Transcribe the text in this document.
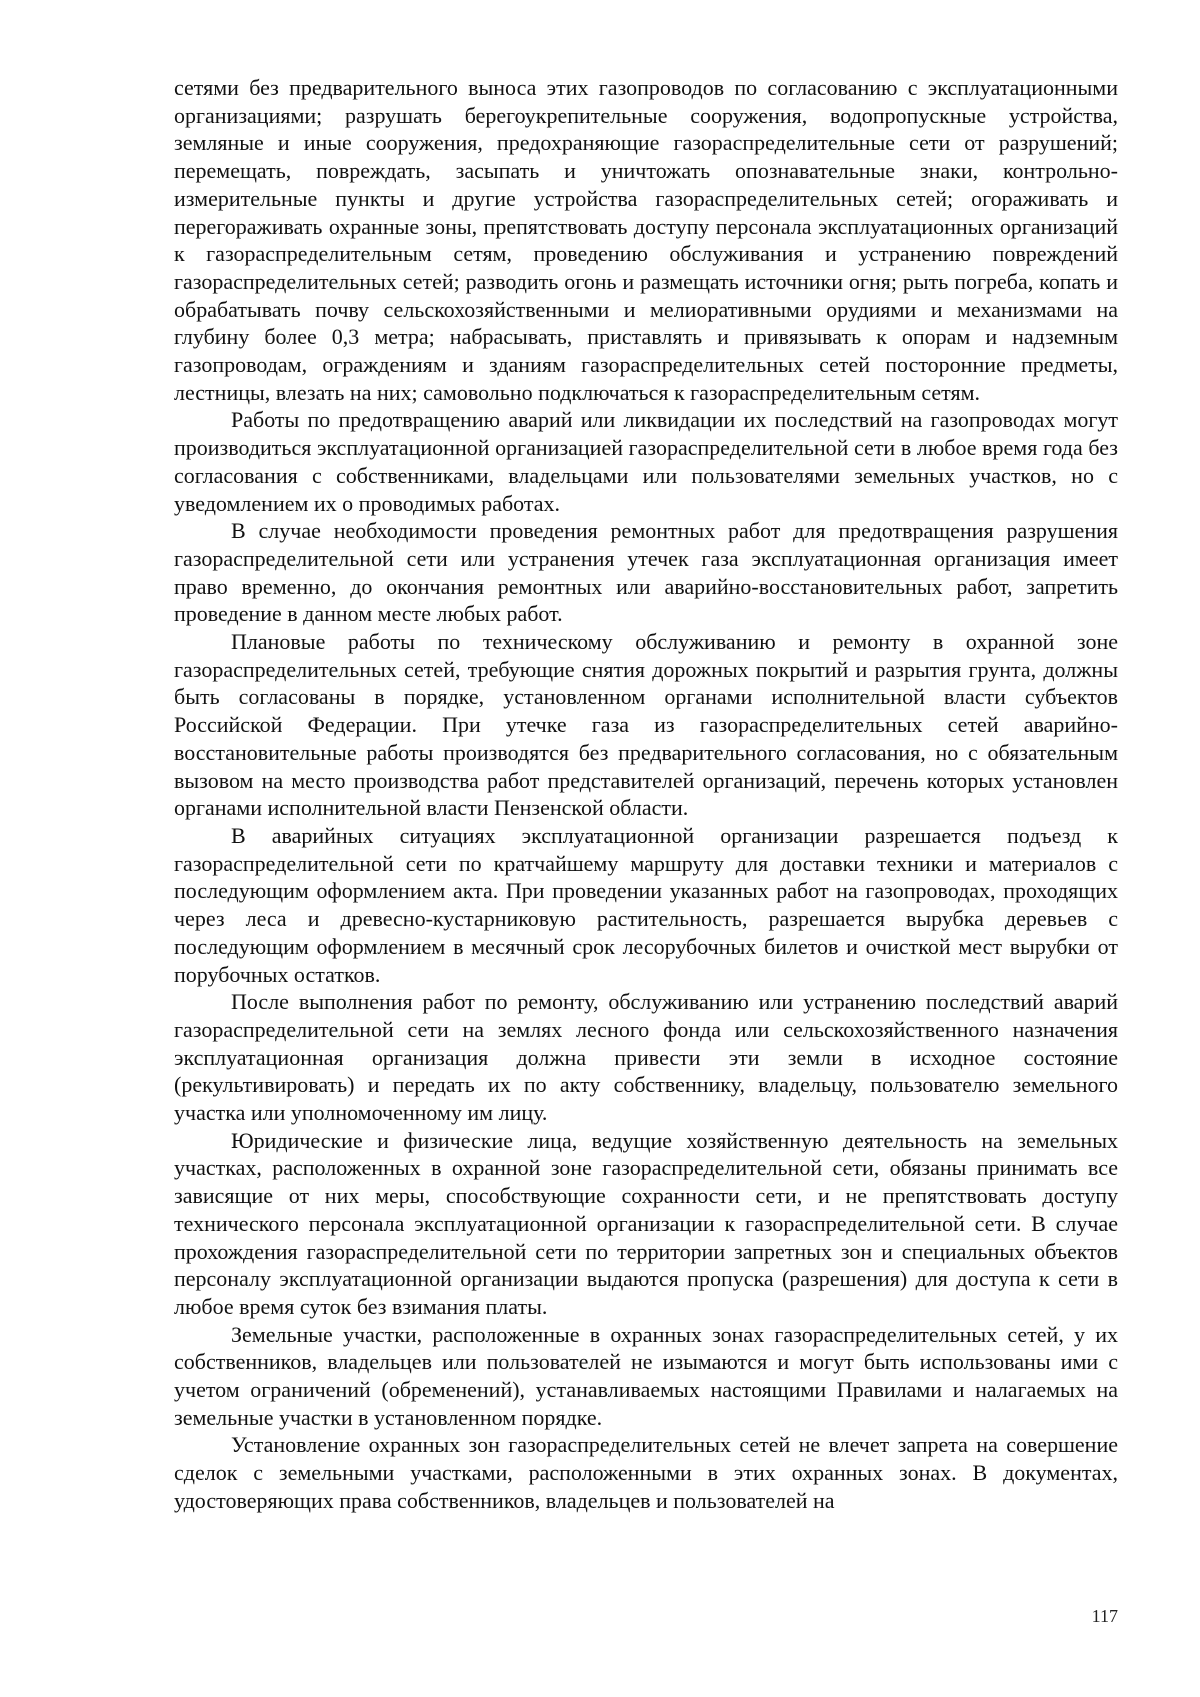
сетями без предварительного выноса этих газопроводов по согласованию с эксплуатационными организациями; разрушать берегоукрепительные сооружения, водопропускные устройства, земляные и иные сооружения, предохраняющие газораспределительные сети от разрушений; перемещать, повреждать, засыпать и уничтожать опознавательные знаки, контрольно-измерительные пункты и другие устройства газораспределительных сетей; огораживать и перегораживать охранные зоны, препятствовать доступу персонала эксплуатационных организаций к газораспределительным сетям, проведению обслуживания и устранению повреждений газораспределительных сетей; разводить огонь и размещать источники огня; рыть погреба, копать и обрабатывать почву сельскохозяйственными и мелиоративными орудиями и механизмами на глубину более 0,3 метра; набрасывать, приставлять и привязывать к опорам и надземным газопроводам, ограждениям и зданиям газораспределительных сетей посторонние предметы, лестницы, влезать на них; самовольно подключаться к газораспределительным сетям.

Работы по предотвращению аварий или ликвидации их последствий на газопроводах могут производиться эксплуатационной организацией газораспределительной сети в любое время года без согласования с собственниками, владельцами или пользователями земельных участков, но с уведомлением их о проводимых работах.

В случае необходимости проведения ремонтных работ для предотвращения разрушения газораспределительной сети или устранения утечек газа эксплуатационная организация имеет право временно, до окончания ремонтных или аварийно-восстановительных работ, запретить проведение в данном месте любых работ.

Плановые работы по техническому обслуживанию и ремонту в охранной зоне газораспределительных сетей, требующие снятия дорожных покрытий и разрытия грунта, должны быть согласованы в порядке, установленном органами исполнительной власти субъектов Российской Федерации. При утечке газа из газораспределительных сетей аварийно-восстановительные работы производятся без предварительного согласования, но с обязательным вызовом на место производства работ представителей организаций, перечень которых установлен органами исполнительной власти Пензенской области.

В аварийных ситуациях эксплуатационной организации разрешается подъезд к газораспределительной сети по кратчайшему маршруту для доставки техники и материалов с последующим оформлением акта. При проведении указанных работ на газопроводах, проходящих через леса и древесно-кустарниковую растительность, разрешается вырубка деревьев с последующим оформлением в месячный срок лесорубочных билетов и очисткой мест вырубки от порубочных остатков.

После выполнения работ по ремонту, обслуживанию или устранению последствий аварий газораспределительной сети на землях лесного фонда или сельскохозяйственного назначения эксплуатационная организация должна привести эти земли в исходное состояние (рекультивировать) и передать их по акту собственнику, владельцу, пользователю земельного участка или уполномоченному им лицу.

Юридические и физические лица, ведущие хозяйственную деятельность на земельных участках, расположенных в охранной зоне газораспределительной сети, обязаны принимать все зависящие от них меры, способствующие сохранности сети, и не препятствовать доступу технического персонала эксплуатационной организации к газораспределительной сети. В случае прохождения газораспределительной сети по территории запретных зон и специальных объектов персоналу эксплуатационной организации выдаются пропуска (разрешения) для доступа к сети в любое время суток без взимания платы.

Земельные участки, расположенные в охранных зонах газораспределительных сетей, у их собственников, владельцев или пользователей не изымаются и могут быть использованы ими с учетом ограничений (обременений), устанавливаемых настоящими Правилами и налагаемых на земельные участки в установленном порядке.

Установление охранных зон газораспределительных сетей не влечет запрета на совершение сделок с земельными участками, расположенными в этих охранных зонах. В документах, удостоверяющих права собственников, владельцев и пользователей на

117
